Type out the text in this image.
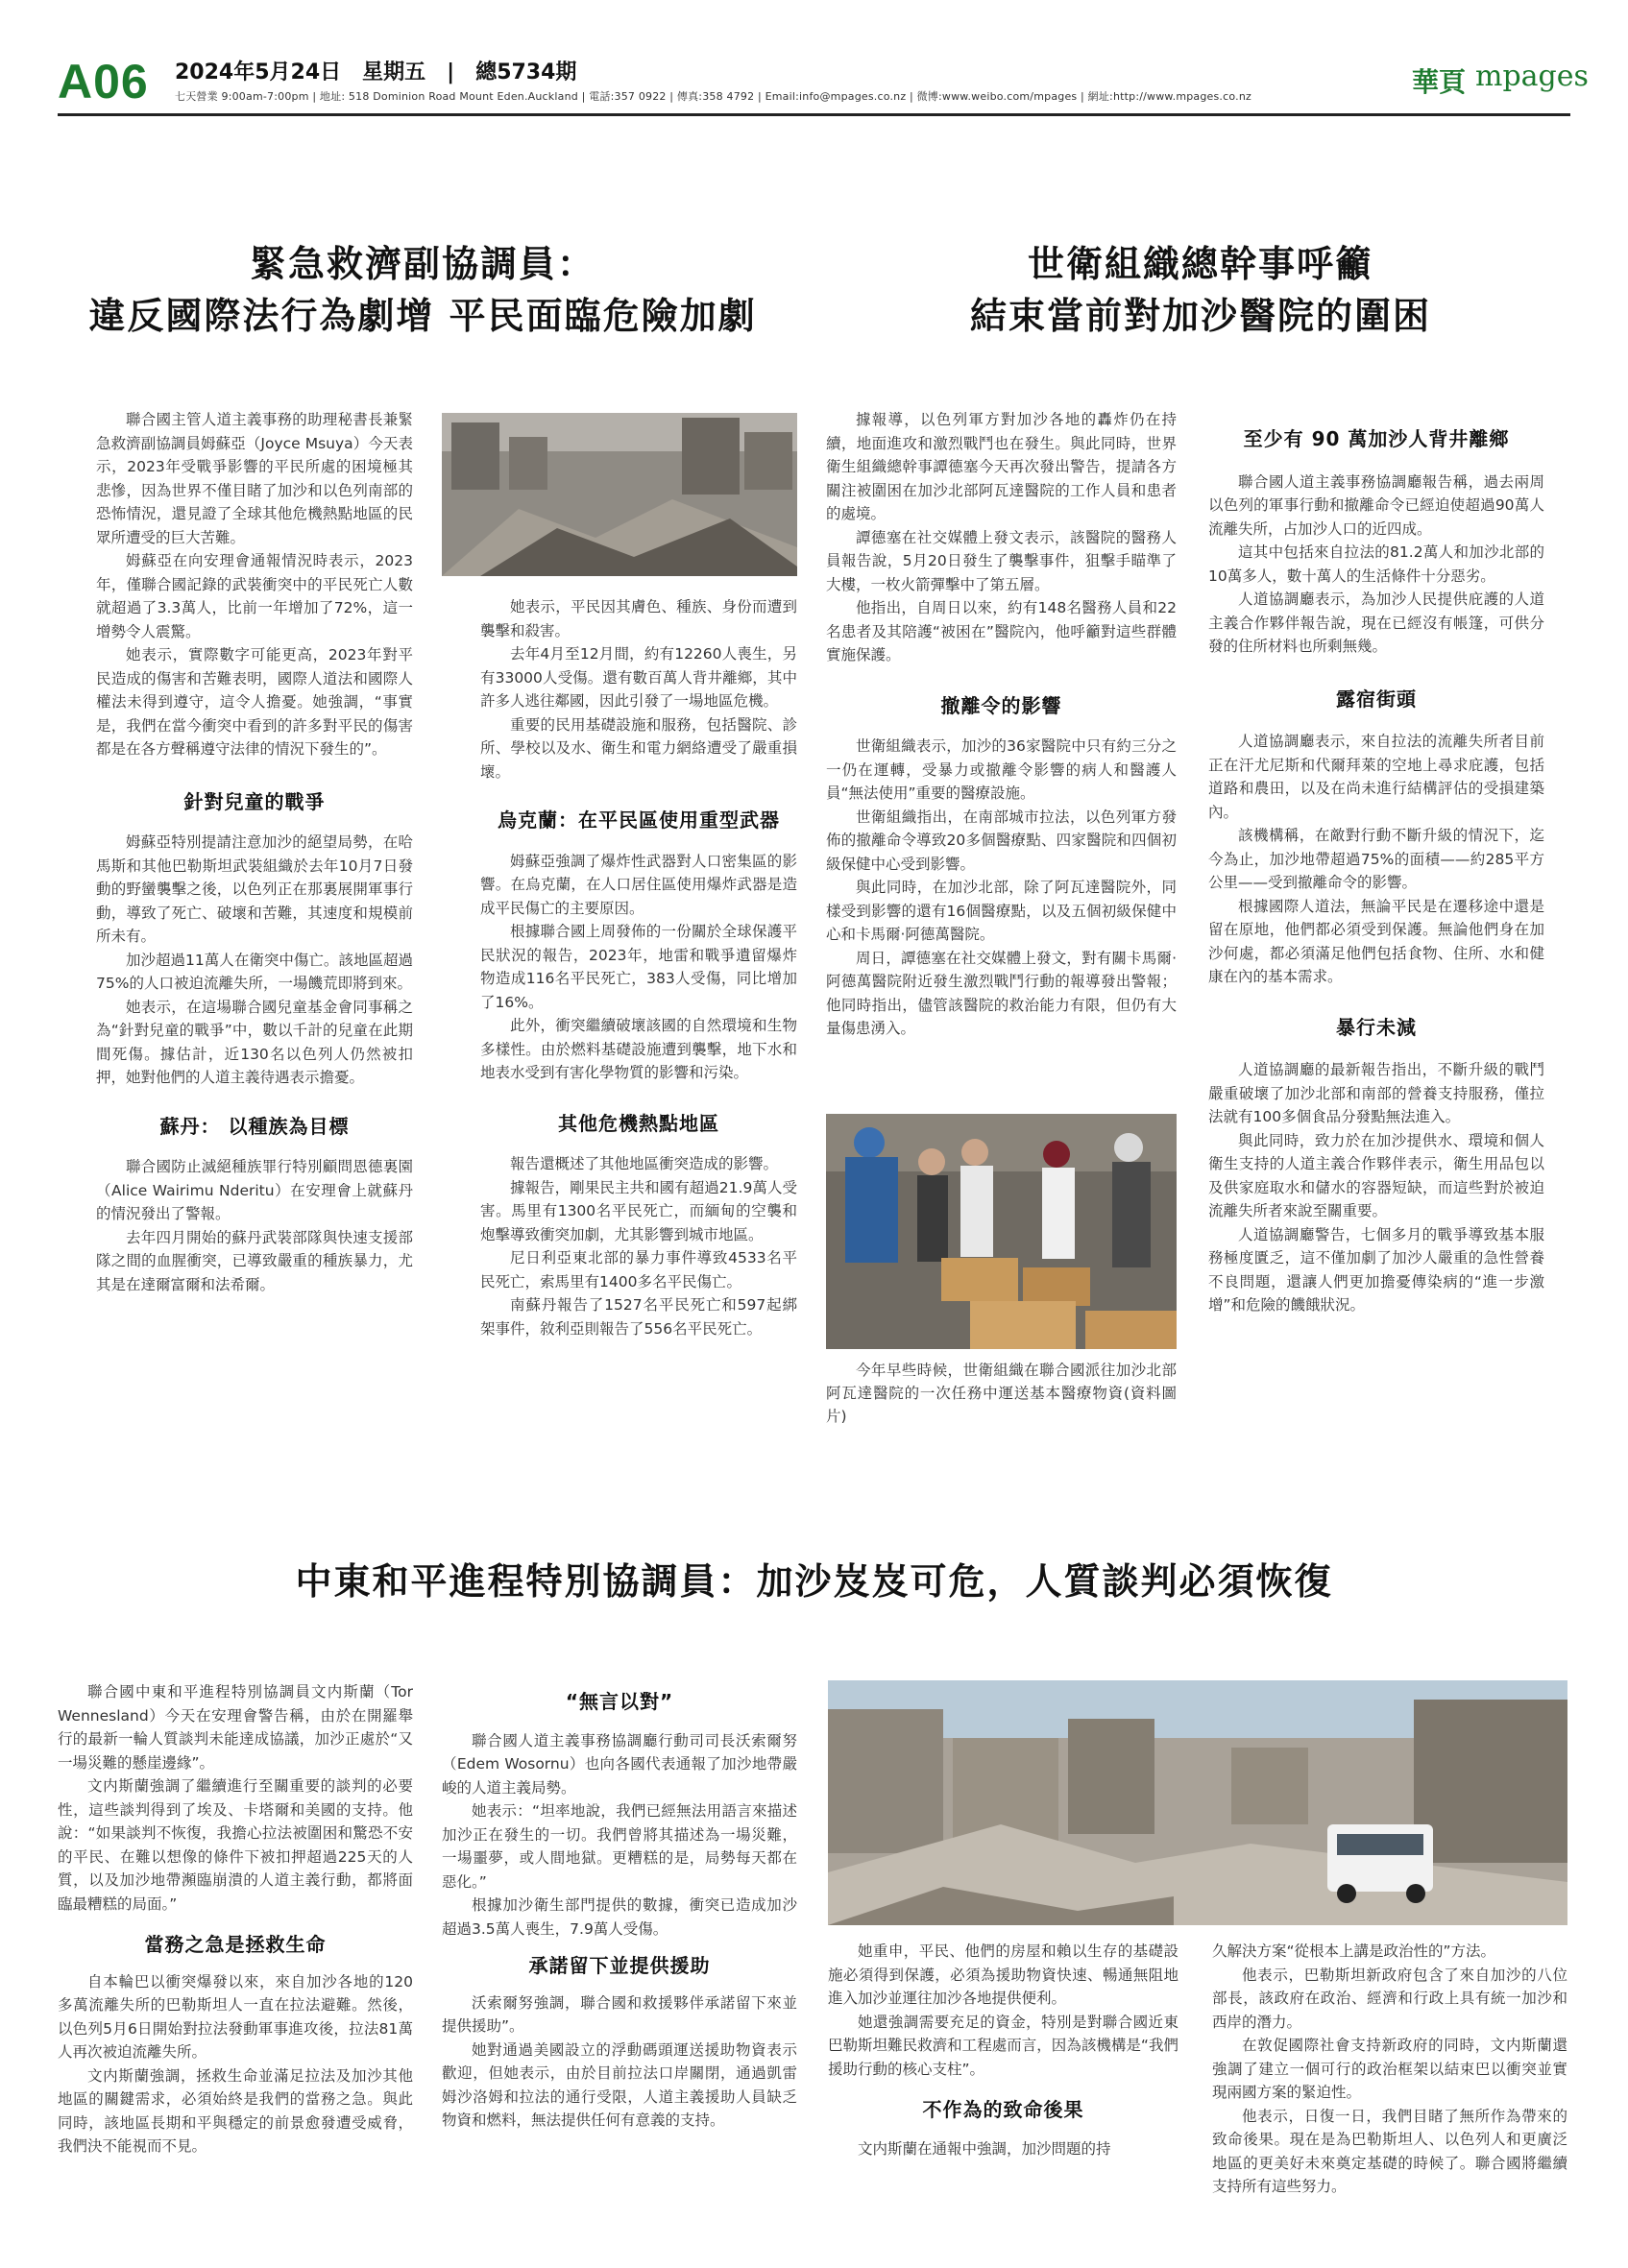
A06 2024年5月24日　星期五　|　總5734期
七天營業 9:00am-7:00pm | 地址: 518 Dominion Road Mount Eden.Auckland | 電話:357 0922 | 傳真:358 4792 | Email:info@mpages.co.nz | 微博:www.weibo.com/mpages | 網址:http://www.mpages.co.nz	華頁 mpages
緊急救濟副協調員：
違反國際法行為劇增 平民面臨危險加劇

聯合國主管人道主義事務的助理秘書長兼緊急救濟副協調員姆蘇亞（Joyce Msuya）今天表示，2023年受戰爭影響的平民所處的困境極其悲慘，因為世界不僅目睹了加沙和以色列南部的恐怖情況，還見證了全球其他危機熱點地區的民眾所遭受的巨大苦難。

姆蘇亞在向安理會通報情況時表示，2023年，僅聯合國記錄的武裝衝突中的平民死亡人數就超過了3.3萬人，比前一年增加了72%，這一增勢令人震驚。

她表示，實際數字可能更高，2023年對平民造成的傷害和苦難表明，國際人道法和國際人權法未得到遵守，這令人擔憂。她強調，“事實是，我們在當今衝突中看到的許多對平民的傷害都是在各方聲稱遵守法律的情況下發生的”。

針對兒童的戰爭

姆蘇亞特別提請注意加沙的絕望局勢，在哈馬斯和其他巴勒斯坦武裝組織於去年10月7日發動的野蠻襲擊之後，以色列正在那裏展開軍事行動，導致了死亡、破壞和苦難，其速度和規模前所未有。

加沙超過11萬人在衛突中傷亡。該地區超過75%的人口被迫流離失所，一場饑荒即將到來。

她表示，在這場聯合國兒童基金會同事稱之為“針對兒童的戰爭”中，數以千計的兒童在此期間死傷。據估計，近130名以色列人仍然被扣押，她對他們的人道主義待遇表示擔憂。

蘇丹： 以種族為目標

聯合國防止滅絕種族罪行特別顧問恩德裏園（Alice Wairimu Nderitu）在安理會上就蘇丹的情況發出了警報。

去年四月開始的蘇丹武裝部隊與快速支援部隊之間的血腥衝突，已導致嚴重的種族暴力，尤其是在達爾富爾和法希爾。

她表示，平民因其膚色、種族、身份而遭到襲擊和殺害。

去年4月至12月間，約有12260人喪生，另有33000人受傷。還有數百萬人背井離鄉，其中許多人逃往鄰國，因此引發了一場地區危機。

重要的民用基礎設施和服務，包括醫院、診所、學校以及水、衛生和電力網絡遭受了嚴重損壞。

烏克蘭：在平民區使用重型武器

姆蘇亞強調了爆炸性武器對人口密集區的影響。在烏克蘭，在人口居住區使用爆炸武器是造成平民傷亡的主要原因。

根據聯合國上周發佈的一份關於全球保護平民狀況的報告，2023年，地雷和戰爭遺留爆炸物造成116名平民死亡，383人受傷，同比增加了16%。

此外，衝突繼續破壞該國的自然環境和生物多樣性。由於燃料基礎設施遭到襲擊，地下水和地表水受到有害化學物質的影響和污染。

其他危機熱點地區

報告還概述了其他地區衝突造成的影響。

據報告，剛果民主共和國有超過21.9萬人受害。馬里有1300名平民死亡，而緬甸的空襲和炮擊導致衝突加劇，尤其影響到城市地區。

尼日利亞東北部的暴力事件導致4533名平民死亡，索馬里有1400多名平民傷亡。

南蘇丹報告了1527名平民死亡和597起綁架事件，敘利亞則報告了556名平民死亡。

世衛組織總幹事呼籲
結束當前對加沙醫院的圍困

據報導，以色列軍方對加沙各地的轟炸仍在持續，地面進攻和激烈戰鬥也在發生。與此同時，世界衛生組織總幹事譚德塞今天再次發出警告，提請各方關注被圍困在加沙北部阿瓦達醫院的工作人員和患者的處境。

譚德塞在社交媒體上發文表示，該醫院的醫務人員報告說，5月20日發生了襲擊事件，狙擊手瞄準了大樓，一枚火箭彈擊中了第五層。

他指出，自周日以來，約有148名醫務人員和22名患者及其陪護“被困在”醫院內，他呼籲對這些群體實施保護。

撤離令的影響

世衛組織表示，加沙的36家醫院中只有約三分之一仍在運轉，受暴力或撤離令影響的病人和醫護人員“無法使用”重要的醫療設施。

世衛組織指出，在南部城市拉法，以色列軍方發佈的撤離命令導致20多個醫療點、四家醫院和四個初級保健中心受到影響。

與此同時，在加沙北部，除了阿瓦達醫院外，同樣受到影響的還有16個醫療點，以及五個初級保健中心和卡馬爾·阿德萬醫院。

周日，譚德塞在社交媒體上發文，對有關卡馬爾·阿德萬醫院附近發生激烈戰鬥行動的報導發出警報；他同時指出，儘管該醫院的救治能力有限，但仍有大量傷患湧入。

今年早些時候，世衛組織在聯合國派往加沙北部阿瓦達醫院的一次任務中運送基本醫療物資(資料圖片)
至少有 90 萬加沙人背井離鄉

聯合國人道主義事務協調廳報告稱，過去兩周以色列的軍事行動和撤離命令已經迫使超過90萬人流離失所，占加沙人口的近四成。

這其中包括來自拉法的81.2萬人和加沙北部的10萬多人，數十萬人的生活條件十分惡劣。

人道協調廳表示，為加沙人民提供庇護的人道主義合作夥伴報告說，現在已經沒有帳篷，可供分發的住所材料也所剩無幾。

露宿街頭

人道協調廳表示，來自拉法的流離失所者目前正在汗尤尼斯和代爾拜萊的空地上尋求庇護，包括道路和農田，以及在尚未進行結構評估的受損建築內。

該機構稱，在敵對行動不斷升級的情況下，迄今為止，加沙地帶超過75%的面積——約285平方公里——受到撤離命令的影響。

根據國際人道法，無論平民是在遷移途中還是留在原地，他們都必須受到保護。無論他們身在加沙何處，都必須滿足他們包括食物、住所、水和健康在內的基本需求。

暴行未減

人道協調廳的最新報告指出，不斷升級的戰鬥嚴重破壞了加沙北部和南部的營養支持服務，僅拉法就有100多個食品分發點無法進入。

與此同時，致力於在加沙提供水、環境和個人衛生支持的人道主義合作夥伴表示，衛生用品包以及供家庭取水和儲水的容器短缺，而這些對於被迫流離失所者來說至關重要。

人道協調廳警告，七個多月的戰爭導致基本服務極度匱乏，這不僅加劇了加沙人嚴重的急性營養不良問題，還讓人們更加擔憂傳染病的“進一步激增”和危險的饑餓狀況。

中東和平進程特別協調員：加沙岌岌可危，人質談判必須恢復

聯合國中東和平進程特別協調員文内斯蘭（Tor Wennesland）今天在安理會警告稱，由於在開羅舉行的最新一輪人質談判未能達成協議，加沙正處於“又一場災難的懸崖邊緣”。

文内斯蘭強調了繼續進行至關重要的談判的必要性，這些談判得到了埃及、卡塔爾和美國的支持。他說：“如果談判不恢復，我擔心拉法被圍困和驚恐不安的平民、在難以想像的條件下被扣押超過225天的人質，以及加沙地帶瀕臨崩潰的人道主義行動，都將面臨最糟糕的局面。”

當務之急是拯救生命

自本輪巴以衝突爆發以來，來自加沙各地的120多萬流離失所的巴勒斯坦人一直在拉法避難。然後，以色列5月6日開始對拉法發動軍事進攻後，拉法81萬人再次被迫流離失所。

文内斯蘭強調，拯救生命並滿足拉法及加沙其他地區的關鍵需求，必須始終是我們的當務之急。與此同時，該地區長期和平與穩定的前景愈發遭受威脅，我們決不能視而不見。

“無言以對”

聯合國人道主義事務協調廳行動司司長沃索爾努（Edem Wosornu）也向各國代表通報了加沙地帶嚴峻的人道主義局勢。

她表示：“坦率地說，我們已經無法用語言來描述加沙正在發生的一切。我們曾將其描述為一場災難，一場噩夢，或人間地獄。更糟糕的是，局勢每天都在惡化。”

根據加沙衛生部門提供的數據，衝突已造成加沙超過3.5萬人喪生，7.9萬人受傷。

承諾留下並提供援助

沃索爾努強調，聯合國和救援夥伴承諾留下來並提供援助”。

她對通過美國設立的浮動碼頭運送援助物資表示歡迎，但她表示，由於目前拉法口岸關閉，通過凱雷姆沙洛姆和拉法的通行受限，人道主義援助人員缺乏物資和燃料，無法提供任何有意義的支持。

她重申，平民、他們的房屋和賴以生存的基礎設施必須得到保護，必須為援助物資快速、暢通無阻地進入加沙並運往加沙各地提供便利。

她還強調需要充足的資金，特別是對聯合國近東巴勒斯坦難民救濟和工程處而言，因為該機構是“我們援助行動的核心支柱”。

不作為的致命後果

文内斯蘭在通報中強調，加沙問題的持

久解決方案“從根本上講是政治性的”方法。

他表示，巴勒斯坦新政府包含了來自加沙的八位部長，該政府在政治、經濟和行政上具有統一加沙和西岸的潛力。

在敦促國際社會支持新政府的同時，文内斯蘭還強調了建立一個可行的政治框架以結束巴以衝突並實現兩國方案的緊迫性。

他表示，日復一日，我們目睹了無所作為帶來的致命後果。現在是為巴勒斯坦人、以色列人和更廣泛地區的更美好未來奠定基礎的時候了。聯合國將繼續支持所有這些努力。
